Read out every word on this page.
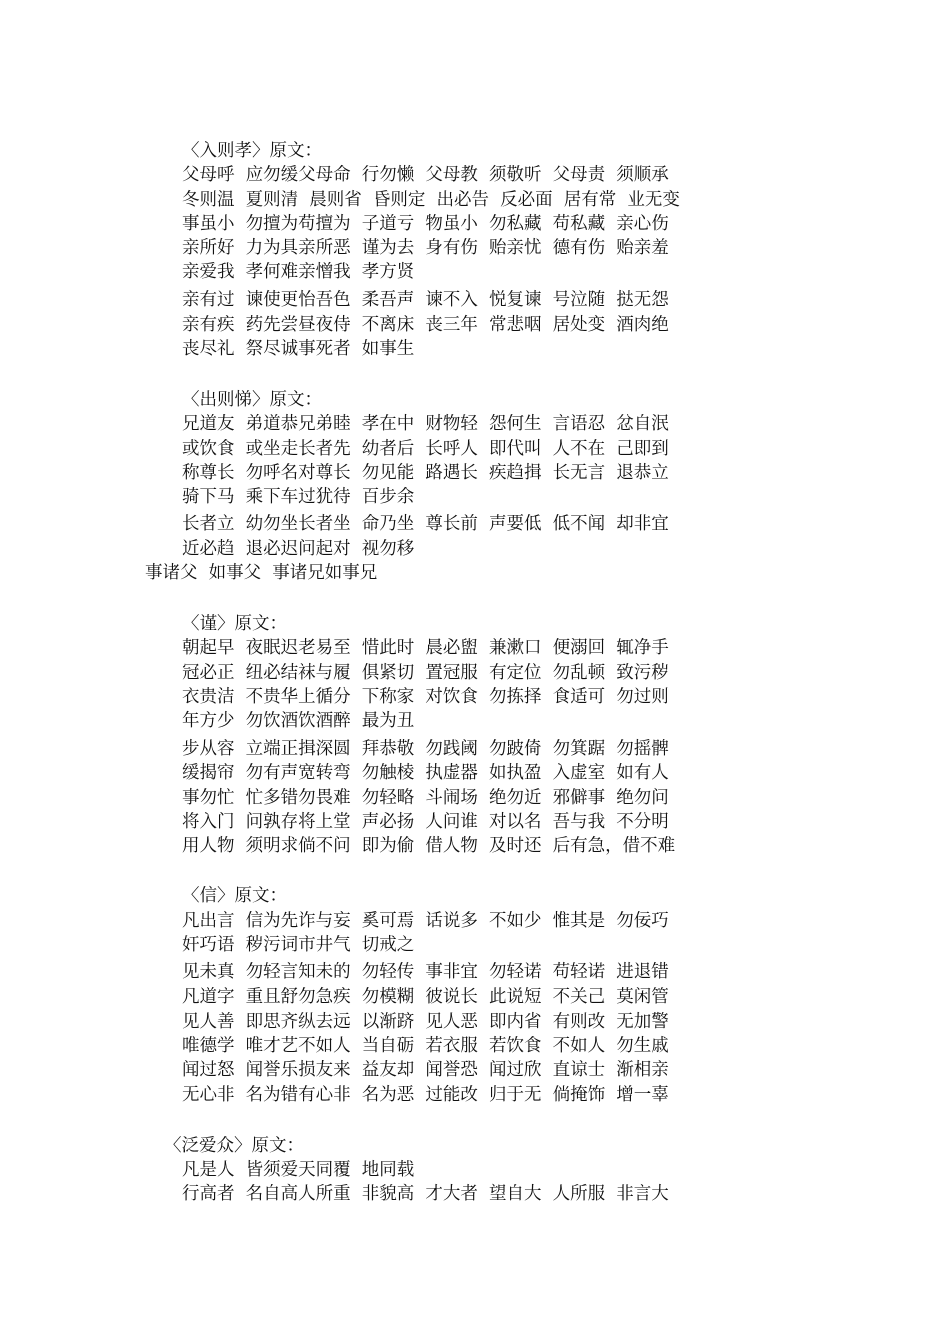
〈入则孝〉原文：
父母呼  应勿缓父母命  行勿懒  父母教  须敬听  父母责  须顺承
冬则温  夏则清  晨则省  昏则定  出必告  反必面  居有常  业无变
事虽小  勿擅为苟擅为  子道亏  物虽小  勿私藏  苟私藏  亲心伤
亲所好  力为具亲所恶  谨为去  身有伤  贻亲忧  德有伤  贻亲羞
亲爱我  孝何难亲憎我  孝方贤
亲有过  谏使更怡吾色  柔吾声  谏不入  悦复谏  号泣随  挞无怨
亲有疾  药先尝昼夜侍  不离床  丧三年  常悲咽  居处变  酒肉绝
丧尽礼  祭尽诚事死者  如事生
〈出则悌〉原文：
兄道友  弟道恭兄弟睦  孝在中  财物轻  怨何生  言语忍  忿自泯
或饮食  或坐走长者先  幼者后  长呼人  即代叫  人不在  己即到
称尊长  勿呼名对尊长  勿见能  路遇长  疾趋揖  长无言  退恭立
骑下马  乘下车过犹待  百步余
长者立  幼勿坐长者坐  命乃坐  尊长前  声要低  低不闻  却非宜
近必趋  退必迟问起对  视勿移
事诸父  如事父  事诸兄如事兄
〈谨〉原文：
朝起早  夜眠迟老易至  惜此时  晨必盥  兼漱口  便溺回  辄净手
冠必正  纽必结袜与履  俱紧切  置冠服  有定位  勿乱顿  致污秽
衣贵洁  不贵华上循分  下称家  对饮食  勿拣择  食适可  勿过则
年方少  勿饮酒饮酒醉  最为丑
步从容  立端正揖深圆  拜恭敬  勿践阈  勿跛倚  勿箕踞  勿摇髀
缓揭帘  勿有声宽转弯  勿触棱  执虚器  如执盈  入虚室  如有人
事勿忙  忙多错勿畏难  勿轻略  斗闹场  绝勿近  邪僻事  绝勿问
将入门  问孰存将上堂  声必扬  人问谁  对以名  吾与我  不分明
用人物  须明求倘不问  即为偷  借人物  及时还  后有急，借不难
〈信〉原文：
凡出言  信为先诈与妄  奚可焉  话说多  不如少  惟其是  勿佞巧
奸巧语  秽污词市井气  切戒之
见未真  勿轻言知未的  勿轻传  事非宜  勿轻诺  苟轻诺  进退错
凡道字  重且舒勿急疾  勿模糊  彼说长  此说短  不关己  莫闲管
见人善  即思齐纵去远  以渐跻  见人恶  即内省  有则改  无加警
唯德学  唯才艺不如人  当自砺  若衣服  若饮食  不如人  勿生戚
闻过怒  闻誉乐损友来  益友却  闻誉恐  闻过欣  直谅士  渐相亲
无心非  名为错有心非  名为恶  过能改  归于无  倘掩饰  增一辜
〈泛爱众〉原文：
凡是人  皆须爱天同覆  地同载
行高者  名自高人所重  非貌高  才大者  望自大  人所服  非言大
